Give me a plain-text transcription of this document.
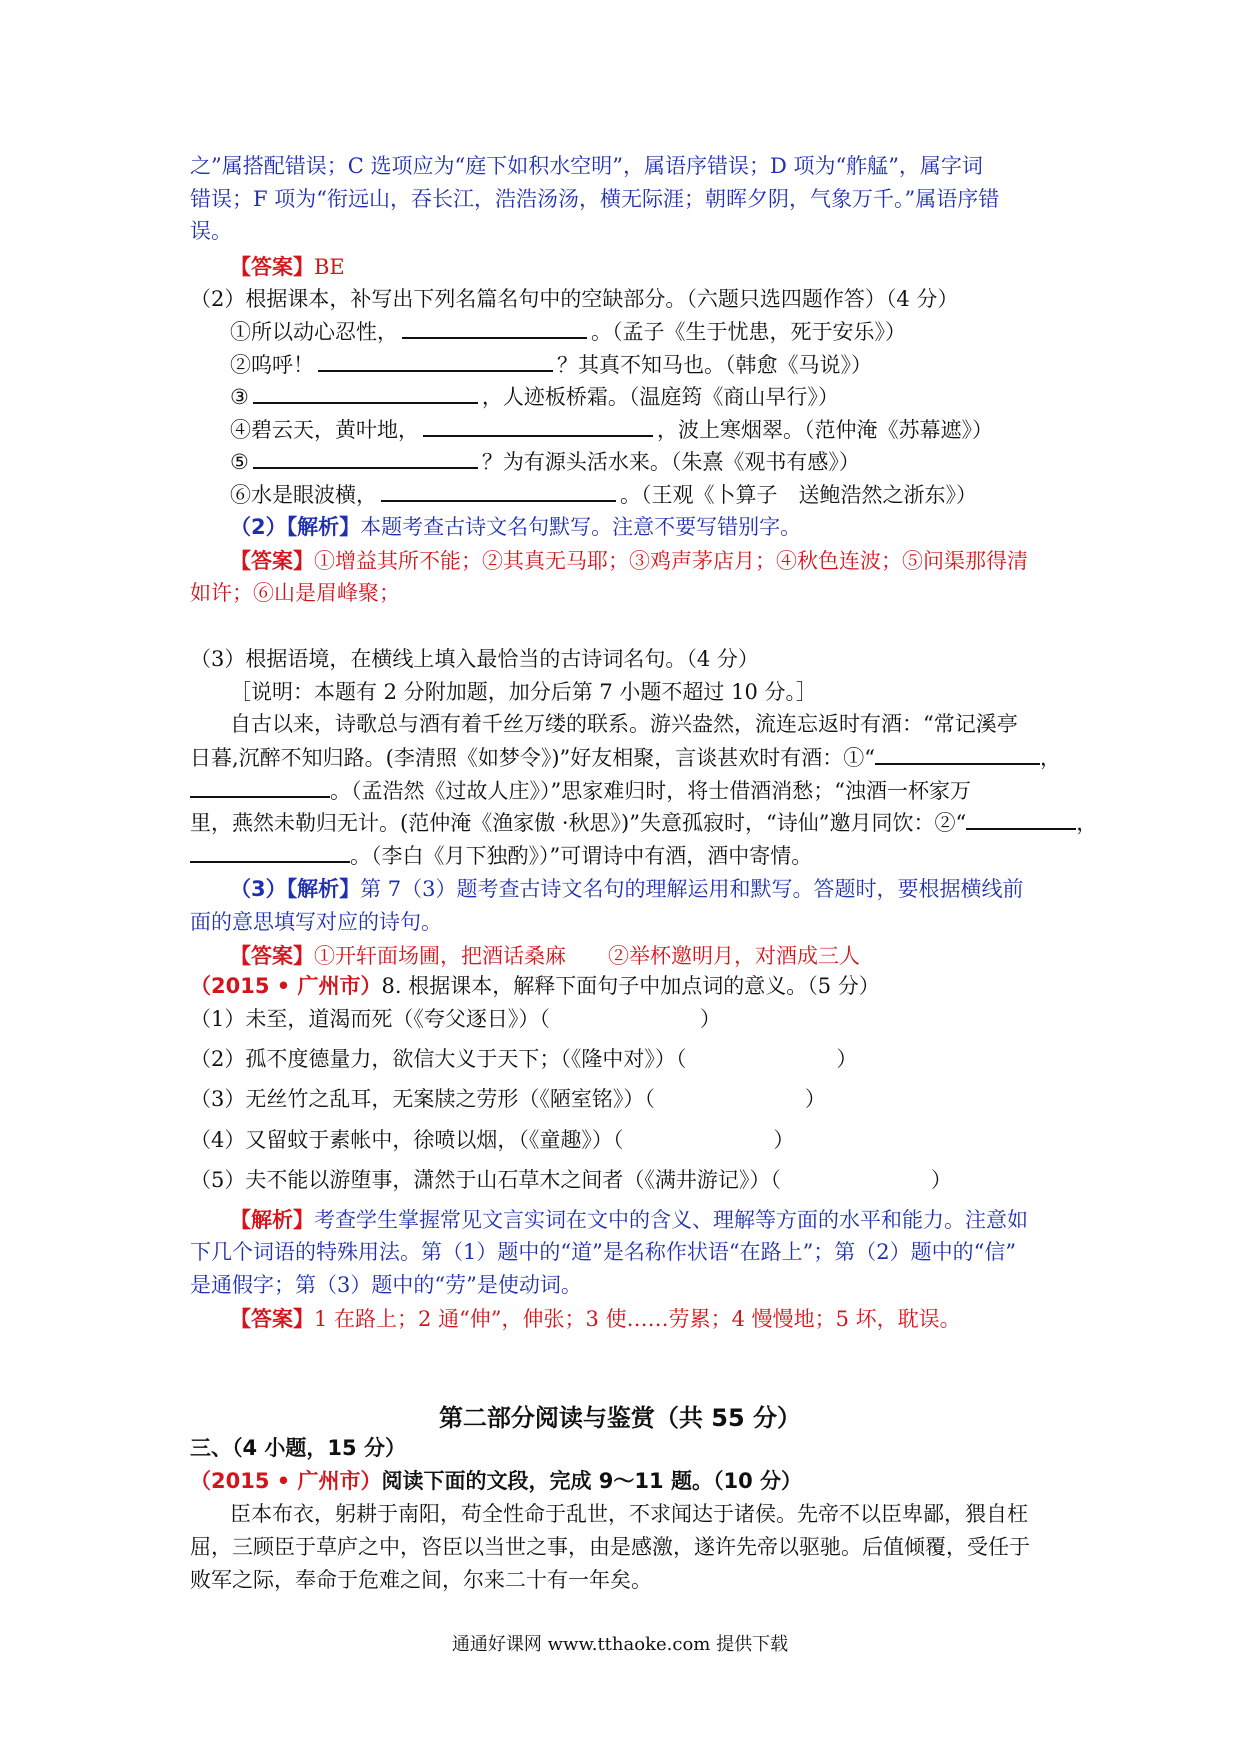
之”属搭配错误；C 选项应为“庭下如积水空明”，属语序错误；D 项为“舴艋”，属字词
错误；F 项为“衔远山，吞长江，浩浩汤汤，横无际涯；朝晖夕阴，气象万千。”属语序错
误。
【答案】BE
（2）根据课本，补写出下列名篇名句中的空缺部分。（六题只选四题作答）（4 分）
①所以动心忍性，	。（孟子《生于忧患，死于安乐》）
②呜呼！	？其真不知马也。（韩愈《马说》）
③	，人迹板桥霜。（温庭筠《商山早行》）
④碧云天，黄叶地，	，波上寒烟翠。（范仲淹《苏幕遮》）
⑤	？为有源头活水来。（朱熹《观书有感》）
⑥水是眼波横，	。（王观《卜算子　送鲍浩然之浙东》）
（2）【解析】本题考查古诗文名句默写。注意不要写错别字。
【答案】①增益其所不能；②其真无马耶；③鸡声茅店月；④秋色连波；⑤问渠那得清
如许；⑥山是眉峰聚；
（3）根据语境，在横线上填入最恰当的古诗词名句。（4 分）
［说明：本题有 2 分附加题，加分后第 7 小题不超过 10 分。］
自古以来，诗歌总与酒有着千丝万缕的联系。游兴盎然，流连忘返时有酒：“常记溪亭
日暮,沉醉不知归路。(李清照《如梦令》)”好友相聚，言谈甚欢时有酒：①“	，
。（孟浩然《过故人庄》）”思家难归时，将士借酒消愁；“浊酒一杯家万
里，燕然未勒归无计。(范仲淹《渔家傲 ·秋思》)”失意孤寂时，“诗仙”邀月同饮：②“	，
。（李白《月下独酌》）”可谓诗中有酒，酒中寄情。
（3）【解析】第 7（3）题考查古诗文名句的理解运用和默写。答题时，要根据横线前
面的意思填写对应的诗句。
【答案】①开轩面场圃，把酒话桑麻　　②举杯邀明月，对酒成三人
（2015 • 广州市）8. 根据课本，解释下面句子中加点词的意义。（5 分）
（1）未至，道渴而死（《夸父逐日》）（	）
（2）孤不度德量力，欲信大义于天下；（《隆中对》）（	）
（3）无丝竹之乱耳，无案牍之劳形（《陋室铭》）（	）
（4）又留蚊于素帐中，徐喷以烟，（《童趣》）（	）
（5）夫不能以游堕事，潇然于山石草木之间者（《满井游记》）（	）
【解析】考查学生掌握常见文言实词在文中的含义、理解等方面的水平和能力。注意如
下几个词语的特殊用法。第（1）题中的“道”是名称作状语“在路上”；第（2）题中的“信”
是通假字；第（3）题中的“劳”是使动词。
【答案】1 在路上；2 通“伸”，伸张；3 使……劳累；4 慢慢地；5 坏，耽误。
第二部分阅读与鉴赏（共 55 分）
三、（4 小题，15 分）
（2015 • 广州市）阅读下面的文段，完成 9～11 题。（10 分）
臣本布衣，躬耕于南阳，苟全性命于乱世，不求闻达于诸侯。先帝不以臣卑鄙，猥自枉
屈，三顾臣于草庐之中，咨臣以当世之事，由是感激，遂许先帝以驱驰。后值倾覆，受任于
败军之际，奉命于危难之间，尔来二十有一年矣。
通通好课网 www.tthaoke.com 提供下载
